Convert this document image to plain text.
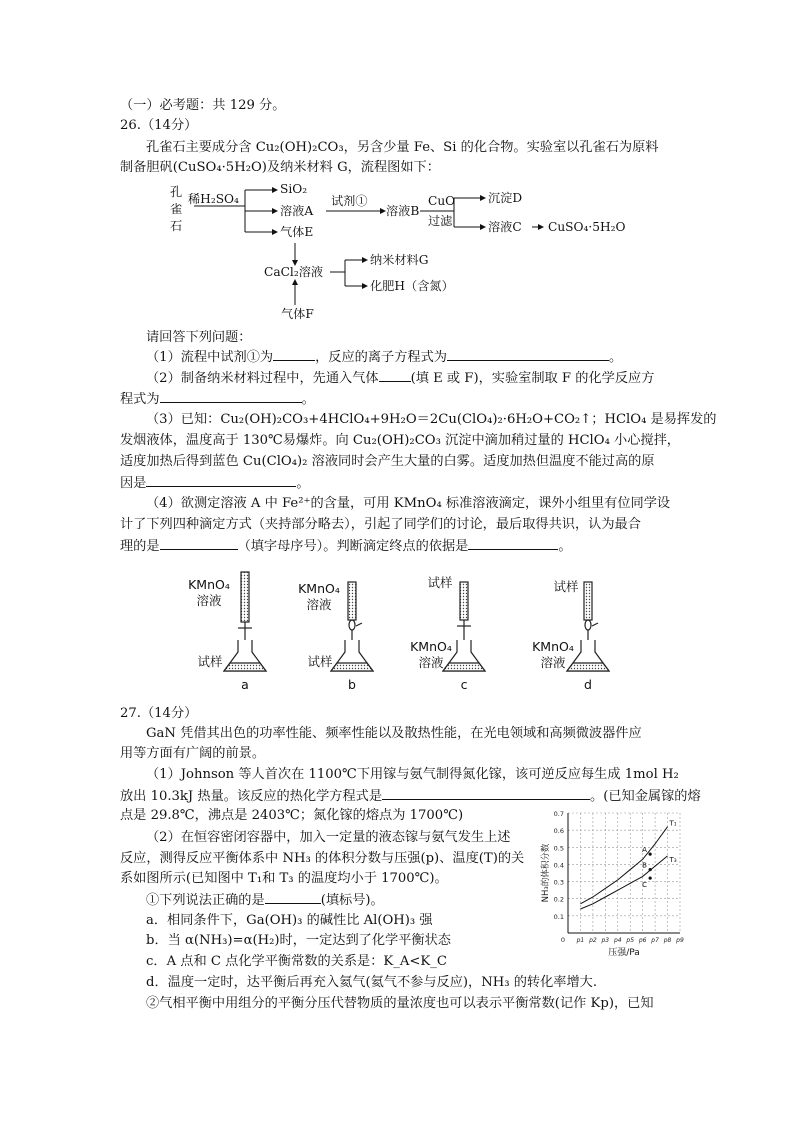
（一）必考题：共 129 分。
26.（14分）
孔雀石主要成分含 Cu₂(OH)₂CO₃，另含少量 Fe、Si 的化合物。实验室以孔雀石为原料
制备胆矾(CuSO₄·5H₂O)及纳米材料 G，流程图如下：
孔
雀
石
稀H₂SO₄
SiO₂
溶液A
气体E
试剂①
溶液B
CuO
过滤
沉淀D
溶液C CuSO₄·5H₂O
CaCl₂溶液
纳米材料G
化肥H（含氮）
气体F
请回答下列问题：
（1）流程中试剂①为	，反应的离子方程式为	。
（2）制备纳米材料过程中，先通入气体 (填 E 或 F)，实验室制取 F 的化学反应方
程式为	。
（3）已知：Cu₂(OH)₂CO₃+4HClO₄+9H₂O＝2Cu(ClO₄)₂·6H₂O+CO₂↑；HClO₄ 是易挥发的
发烟液体，温度高于 130℃易爆炸。向 Cu₂(OH)₂CO₃ 沉淀中滴加稍过量的 HClO₄ 小心搅拌，
适度加热后得到蓝色 Cu(ClO₄)₂ 溶液同时会产生大量的白雾。适度加热但温度不能过高的原
因是	。
（4）欲测定溶液 A 中 Fe²⁺的含量，可用 KMnO₄ 标准溶液滴定，课外小组里有位同学设
计了下列四种滴定方式（夹持部分略去），引起了同学们的讨论，最后取得共识，认为最合
理的是	（填字母序号）。判断滴定终点的依据是	。
KMnO₄
溶液
试样
a
KMnO₄
溶液
试样
b
试样
KMnO₄
溶液
c
试样
KMnO₄
溶液
d
27.（14分）
GaN 凭借其出色的功率性能、频率性能以及散热性能，在光电领域和高频微波器件应
用等方面有广阔的前景。
（1）Johnson 等人首次在 1100℃下用镓与氨气制得氮化镓，该可逆反应每生成 1mol H₂
放出 10.3kJ 热量。该反应的热化学方程式是	。(已知金属镓的熔
点是 29.8℃，沸点是 2403℃；氮化镓的熔点为 1700℃)
（2）在恒容密闭容器中，加入一定量的液态镓与氨气发生上述
反应，测得反应平衡体系中 NH₃ 的体积分数与压强(p)、温度(T)的关
系如图所示(已知图中 T₁和 T₃ 的温度均小于 1700℃)。
①下列说法正确的是	(填标号)。
a．相同条件下，Ga(OH)₃ 的碱性比 Al(OH)₃ 强
b．当 α(NH₃)=α(H₂)时，一定达到了化学平衡状态
c．A 点和 C 点化学平衡常数的关系是：K_A<K_C
d．温度一定时，达平衡后再充入氦气(氦气不参与反应)，NH₃ 的转化率增大.
②气相平衡中用组分的平衡分压代替物质的量浓度也可以表示平衡常数(记作 Kp)，已知
0.1
0.2
0.3
0.4
0.5
0.6
0.7
p1 p2 p3 p4 p5 p6 p7 p8 p9
0
压强/Pa
NH₃的体积分数
T₁
T₃
A
B
C
